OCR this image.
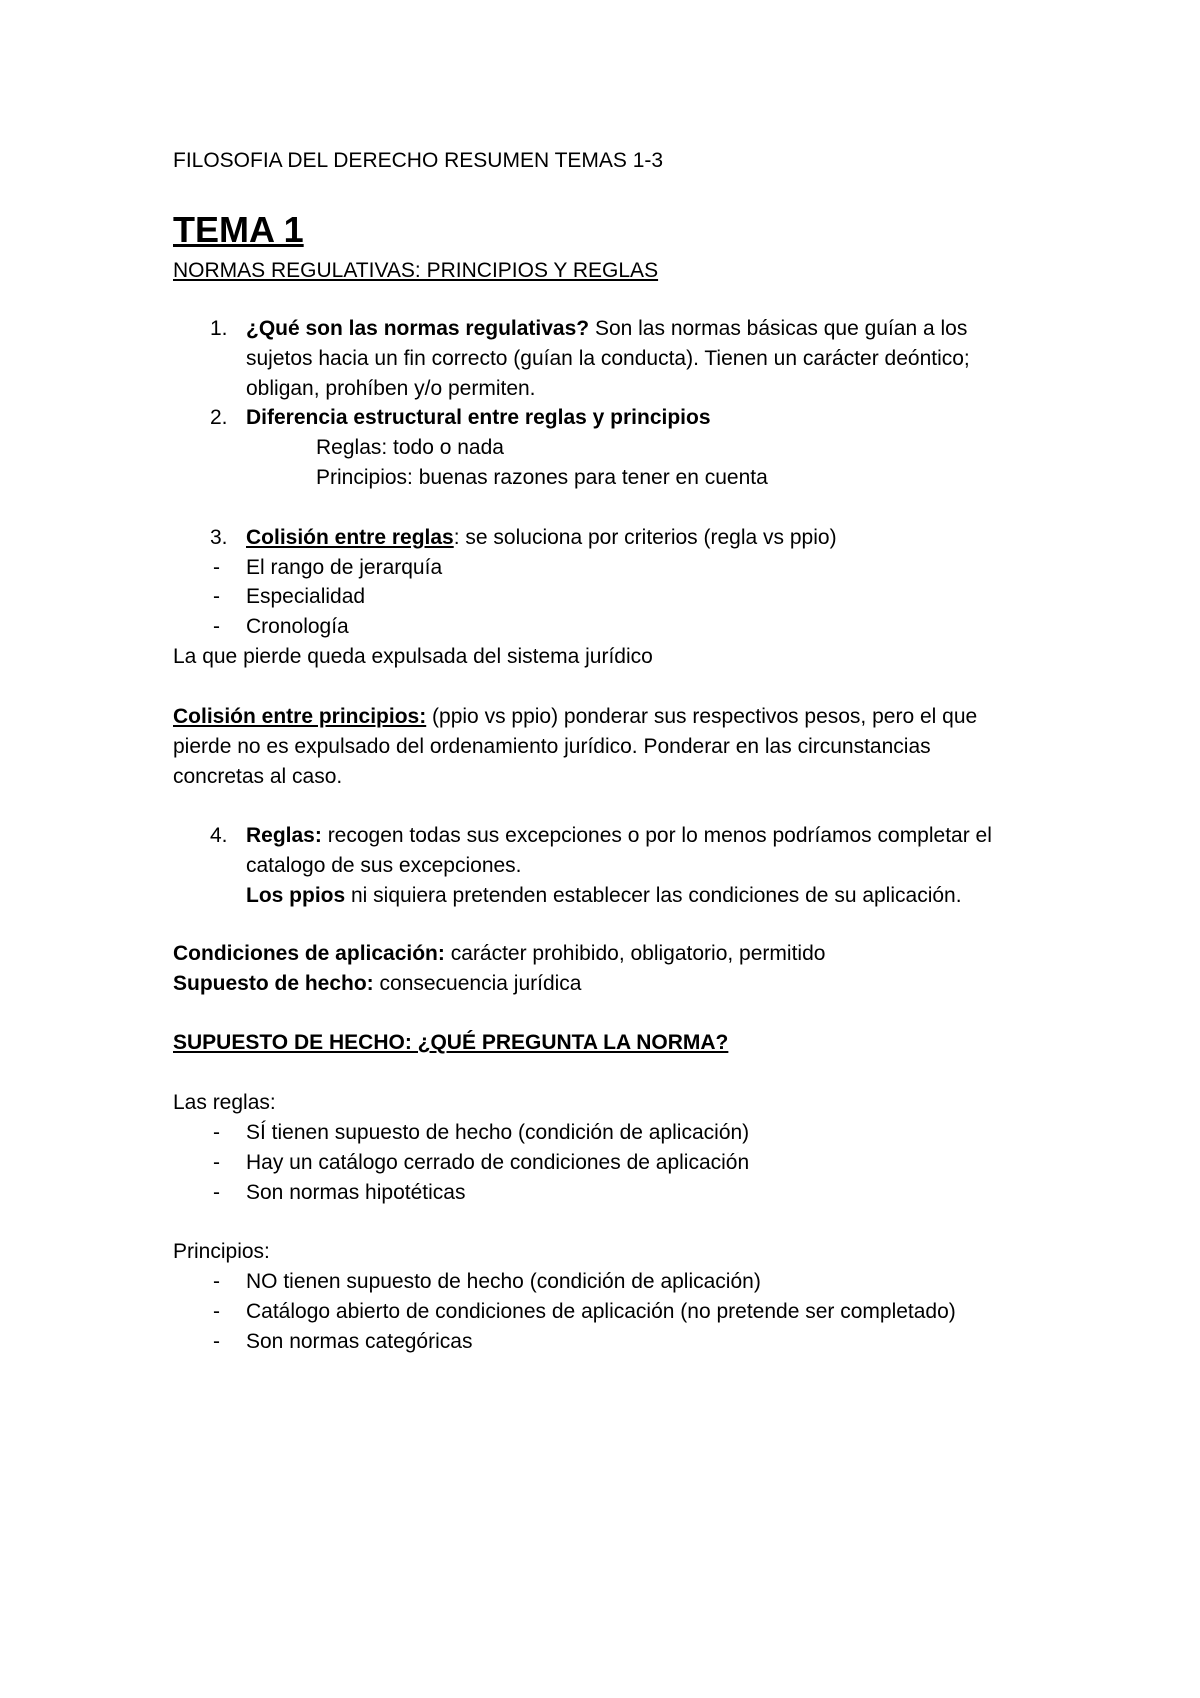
FILOSOFIA DEL DERECHO RESUMEN TEMAS 1-3
TEMA 1
NORMAS REGULATIVAS: PRINCIPIOS Y REGLAS
1. ¿Qué son las normas regulativas? Son las normas básicas que guían a los
sujetos hacia un fin correcto (guían la conducta). Tienen un carácter deóntico;
obligan, prohíben y/o permiten.
2. Diferencia estructural entre reglas y principios
Reglas: todo o nada
Principios: buenas razones para tener en cuenta
3. Colisión entre reglas: se soluciona por criterios (regla vs ppio)
- El rango de jerarquía
- Especialidad
- Cronología
La que pierde queda expulsada del sistema jurídico
Colisión entre principios: (ppio vs ppio) ponderar sus respectivos pesos, pero el que
pierde no es expulsado del ordenamiento jurídico. Ponderar en las circunstancias
concretas al caso.
4. Reglas: recogen todas sus excepciones o por lo menos podríamos completar el
catalogo de sus excepciones.
Los ppios ni siquiera pretenden establecer las condiciones de su aplicación.
Condiciones de aplicación: carácter prohibido, obligatorio, permitido
Supuesto de hecho: consecuencia jurídica
SUPUESTO DE HECHO: ¿QUÉ PREGUNTA LA NORMA?
Las reglas:
- SÍ tienen supuesto de hecho (condición de aplicación)
- Hay un catálogo cerrado de condiciones de aplicación
- Son normas hipotéticas
Principios:
- NO tienen supuesto de hecho (condición de aplicación)
- Catálogo abierto de condiciones de aplicación (no pretende ser completado)
- Son normas categóricas
